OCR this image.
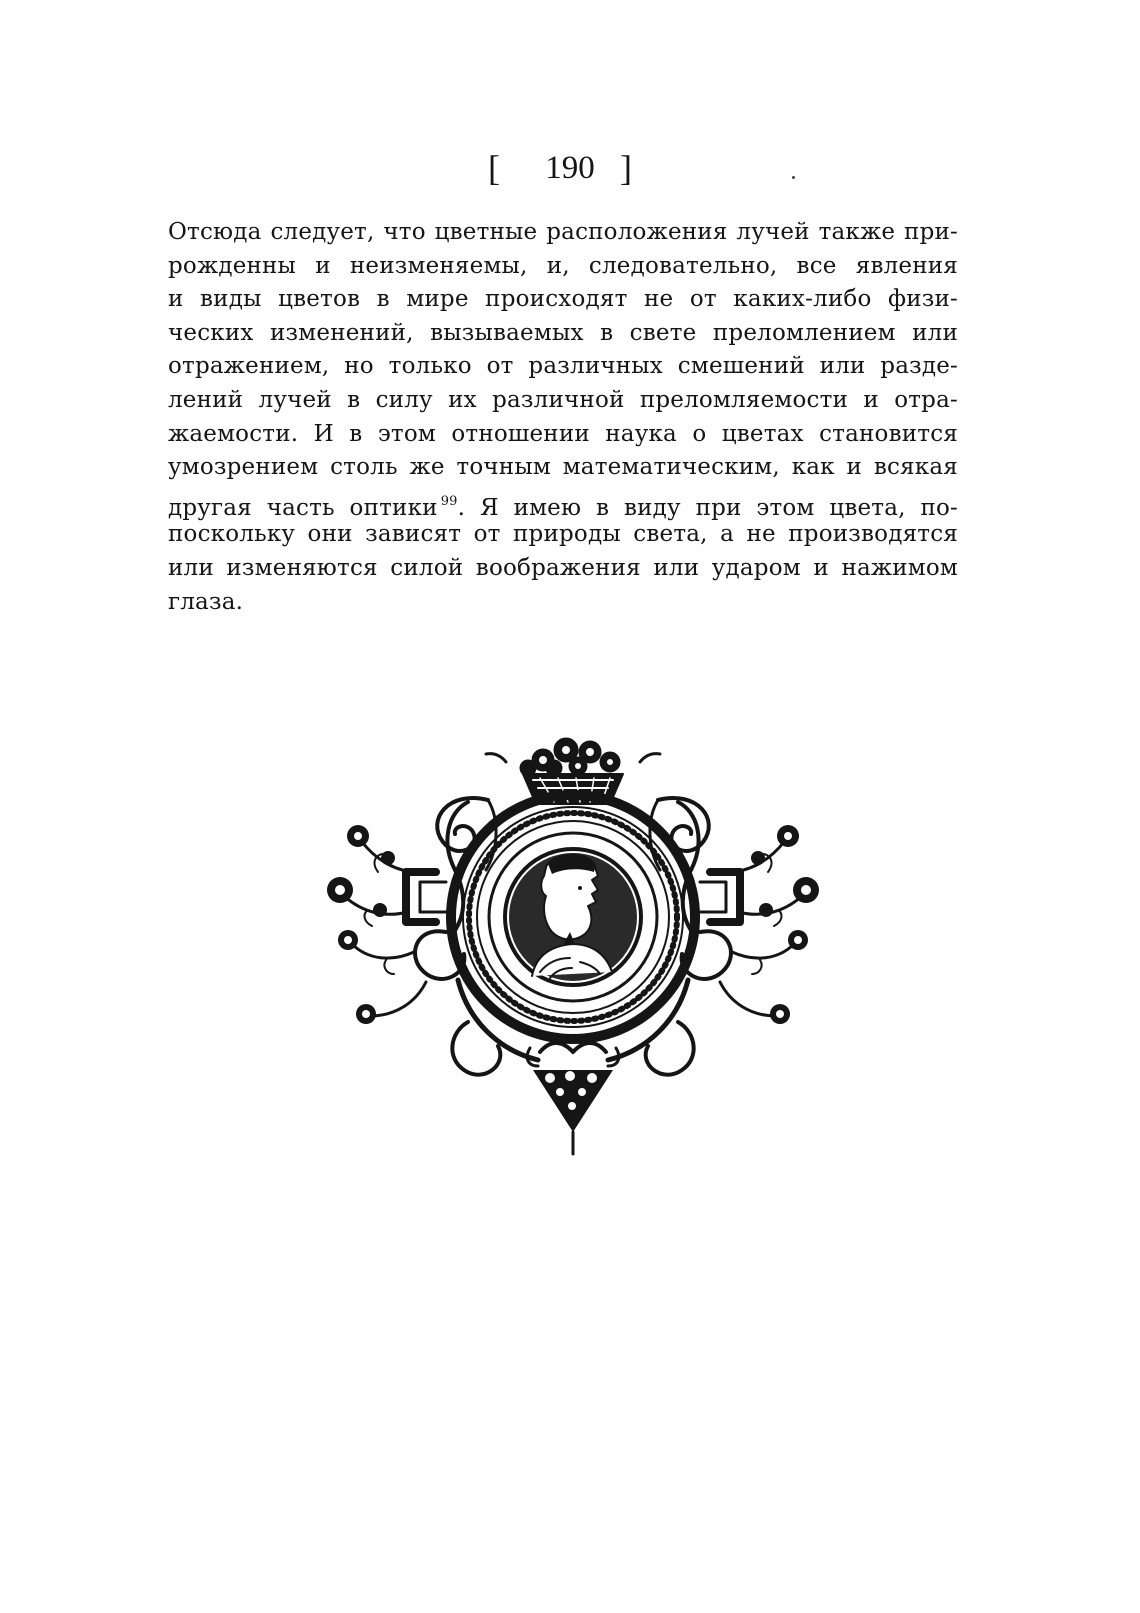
[	190 ]
Отсюда следует, что цветные расположения лучей также при-
рожденны и неизменяемы, и, следовательно, все явления
и виды цветов в мире происходят не от каких-либо физи-
ческих изменений, вызываемых в свете преломлением или
отражением, но только от различных смешений или разде-
лений лучей в силу их различной преломляемости и отра-
жаемости. И в этом отношении наука о цветах становится
умозрением столь же точным математическим, как и всякая
другая часть оптики $^{99}$. Я имею в виду при этом цвета, по-
поскольку они зависят от природы света, а не производятся
или изменяются силой воображения или ударом и нажимом
глаза.
